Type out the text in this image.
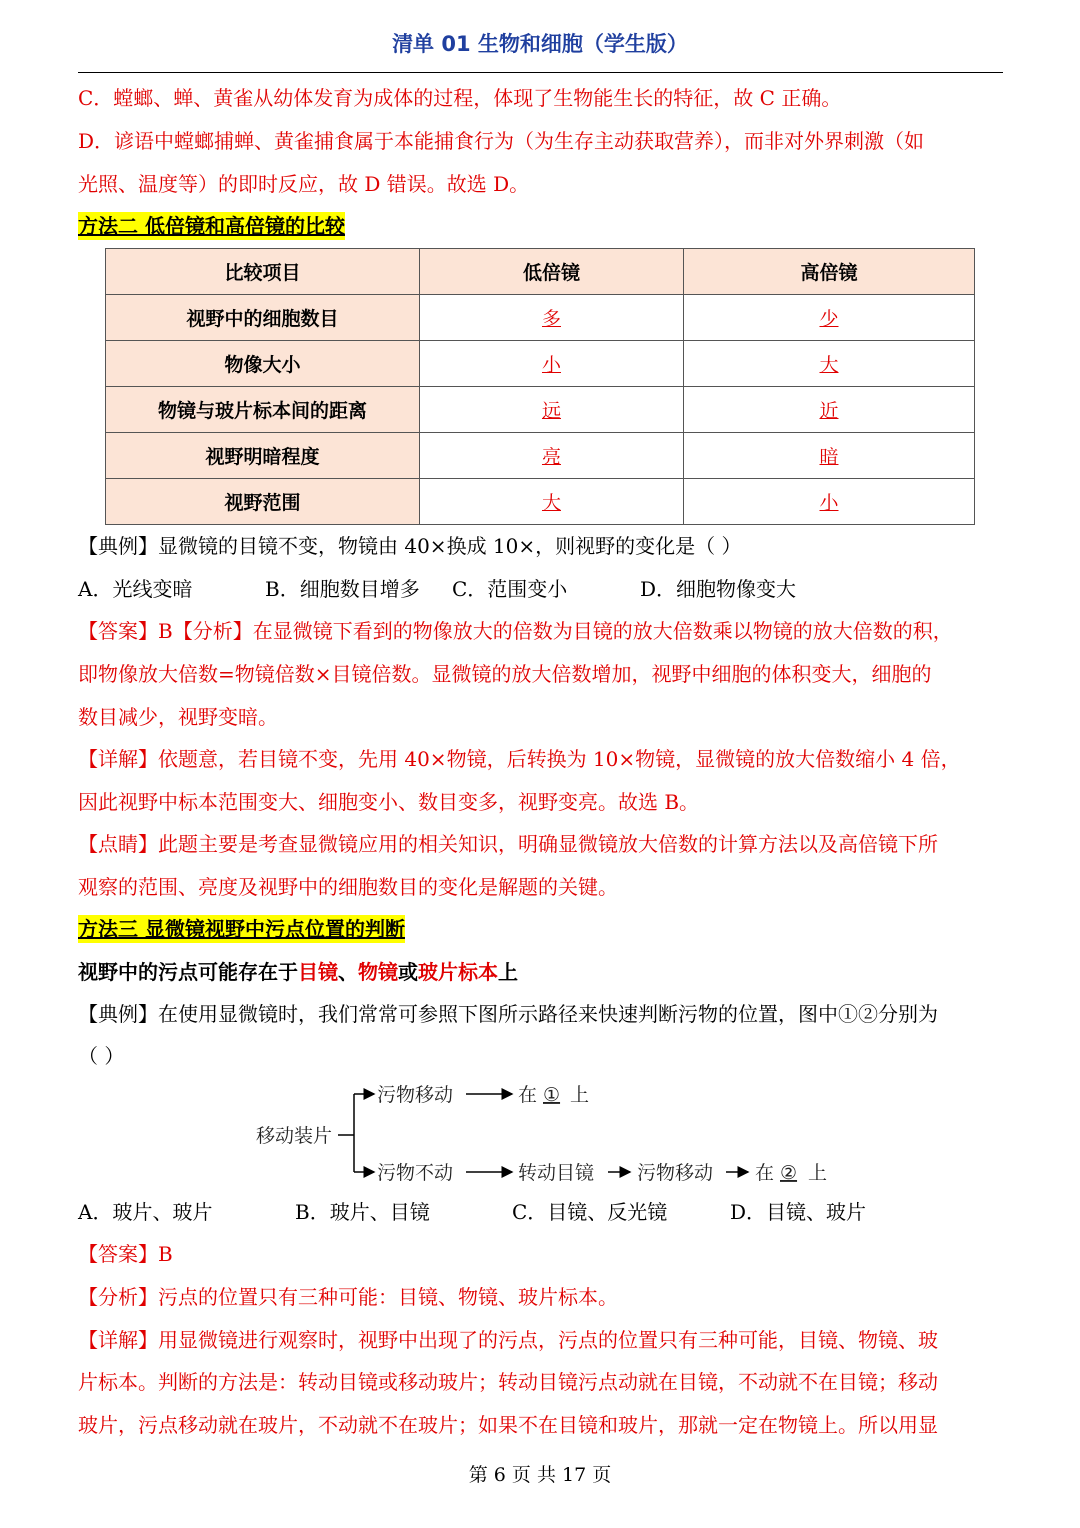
清单 01 生物和细胞（学生版）
C．螳螂、蝉、黄雀从幼体发育为成体的过程，体现了生物能生长的特征，故 C 正确。
D．谚语中螳螂捕蝉、黄雀捕食属于本能捕食行为（为生存主动获取营养），而非对外界刺激（如
光照、温度等）的即时反应，故 D 错误。故选 D。
方法二 低倍镜和高倍镜的比较
比较项目	低倍镜	高倍镜
视野中的细胞数目	多	少
物像大小	小	大
物镜与玻片标本间的距离	远	近
视野明暗程度	亮	暗
视野范围	大	小
【典例】显微镜的目镜不变，物镜由 40×换成 10×，则视野的变化是（ ）
A．光线变暗	B．细胞数目增多 C．范围变小	D．细胞物像变大
【答案】B【分析】在显微镜下看到的物像放大的倍数为目镜的放大倍数乘以物镜的放大倍数的积，
即物像放大倍数=物镜倍数×目镜倍数。显微镜的放大倍数增加，视野中细胞的体积变大，细胞的
数目减少，视野变暗。
【详解】依题意，若目镜不变，先用 40×物镜，后转换为 10×物镜，显微镜的放大倍数缩小 4 倍，
因此视野中标本范围变大、细胞变小、数目变多，视野变亮。故选 B。
【点睛】此题主要是考查显微镜应用的相关知识，明确显微镜放大倍数的计算方法以及高倍镜下所
观察的范围、亮度及视野中的细胞数目的变化是解题的关键。
方法三 显微镜视野中污点位置的判断
视野中的污点可能存在于目镜、物镜或玻片标本上
【典例】在使用显微镜时，我们常常可参照下图所示路径来快速判断污物的位置，图中①②分别为
（ ）
移动装片
污物移动	在 ① 上
污物不动	转动目镜 污物移动 在 ② 上
A．玻片、玻片	B．玻片、目镜	C．目镜、反光镜	D．目镜、玻片
【答案】B
【分析】污点的位置只有三种可能：目镜、物镜、玻片标本。
【详解】用显微镜进行观察时，视野中出现了的污点，污点的位置只有三种可能，目镜、物镜、玻
片标本。判断的方法是：转动目镜或移动玻片；转动目镜污点动就在目镜，不动就不在目镜；移动
玻片，污点移动就在玻片，不动就不在玻片；如果不在目镜和玻片，那就一定在物镜上。所以用显
第 6 页 共 17 页
